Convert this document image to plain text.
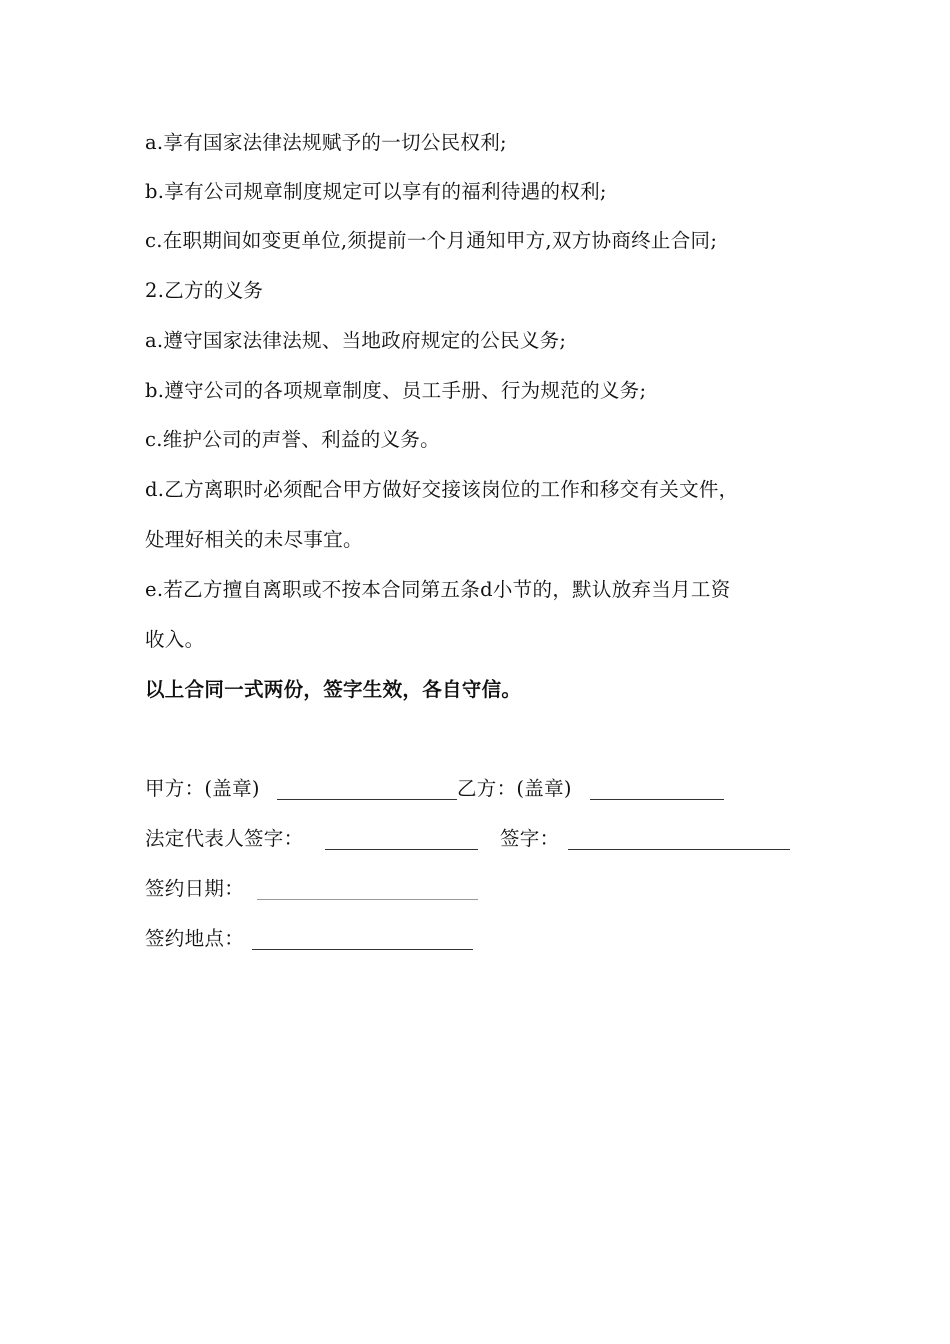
a.享有国家法律法规赋予的一切公民权利;
b.享有公司规章制度规定可以享有的福利待遇的权利;
c.在职期间如变更单位,须提前一个月通知甲方,双方协商终止合同;
2.乙方的义务
a.遵守国家法律法规、当地政府规定的公民义务;
b.遵守公司的各项规章制度、员工手册、行为规范的义务;
c.维护公司的声誉、利益的义务。
d.乙方离职时必须配合甲方做好交接该岗位的工作和移交有关文件，
处理好相关的未尽事宜。
e.若乙方擅自离职或不按本合同第五条d小节的，默认放弃当月工资
收入。
以上合同一式两份，签字生效，各自守信。
甲方：(盖章)	乙方：(盖章)
法定代表人签字：	签字：
签约日期：
签约地点：
